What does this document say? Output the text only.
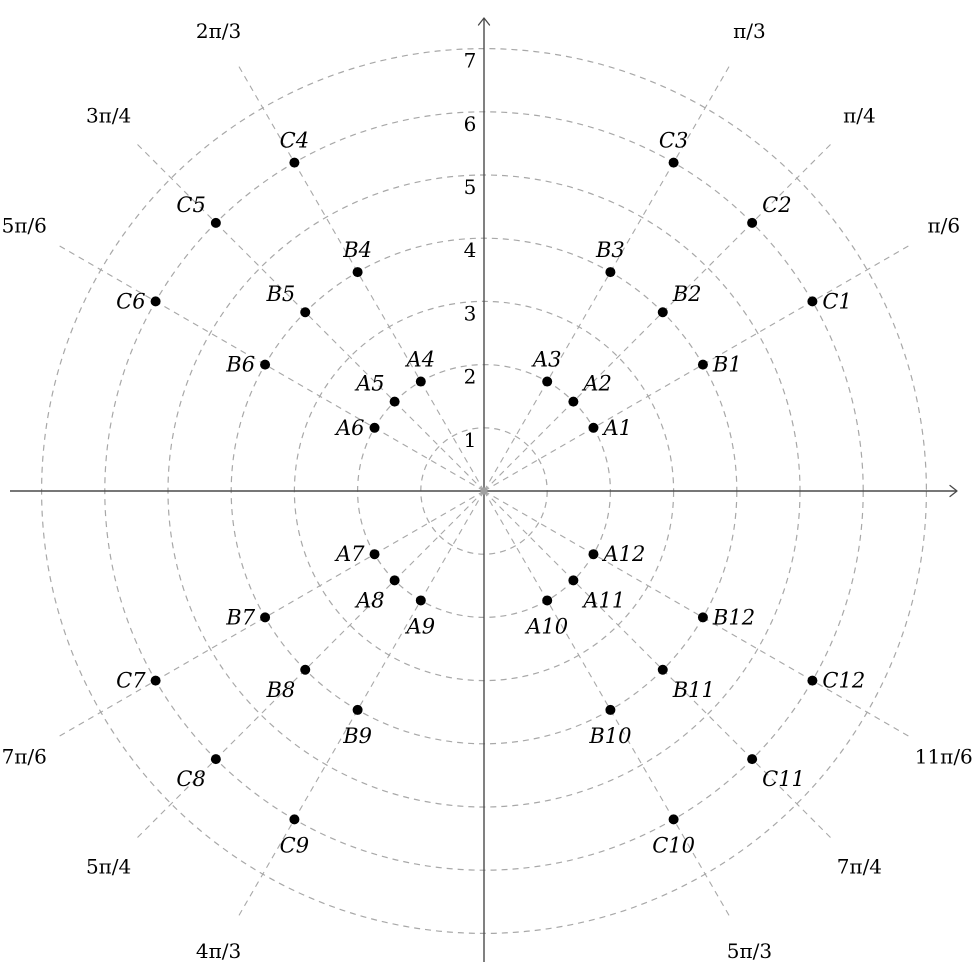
1
2
3
4
5
6
7
π/6
π/4
π/3
2π/3
3π/4
5π/6
7π/6
5π/4
4π/3	5π/3
7π/4
11π/6
A1
A2
A3
A4
A5
A6
A7
A8
A9	A10
A11
A12
B1
B2
B3
B4
B5
B6
B7
B8
B9	B10
B11
B12
C1
C2
C3
C4
C5
C6
C7
C8
C9	C10
C11
C12
